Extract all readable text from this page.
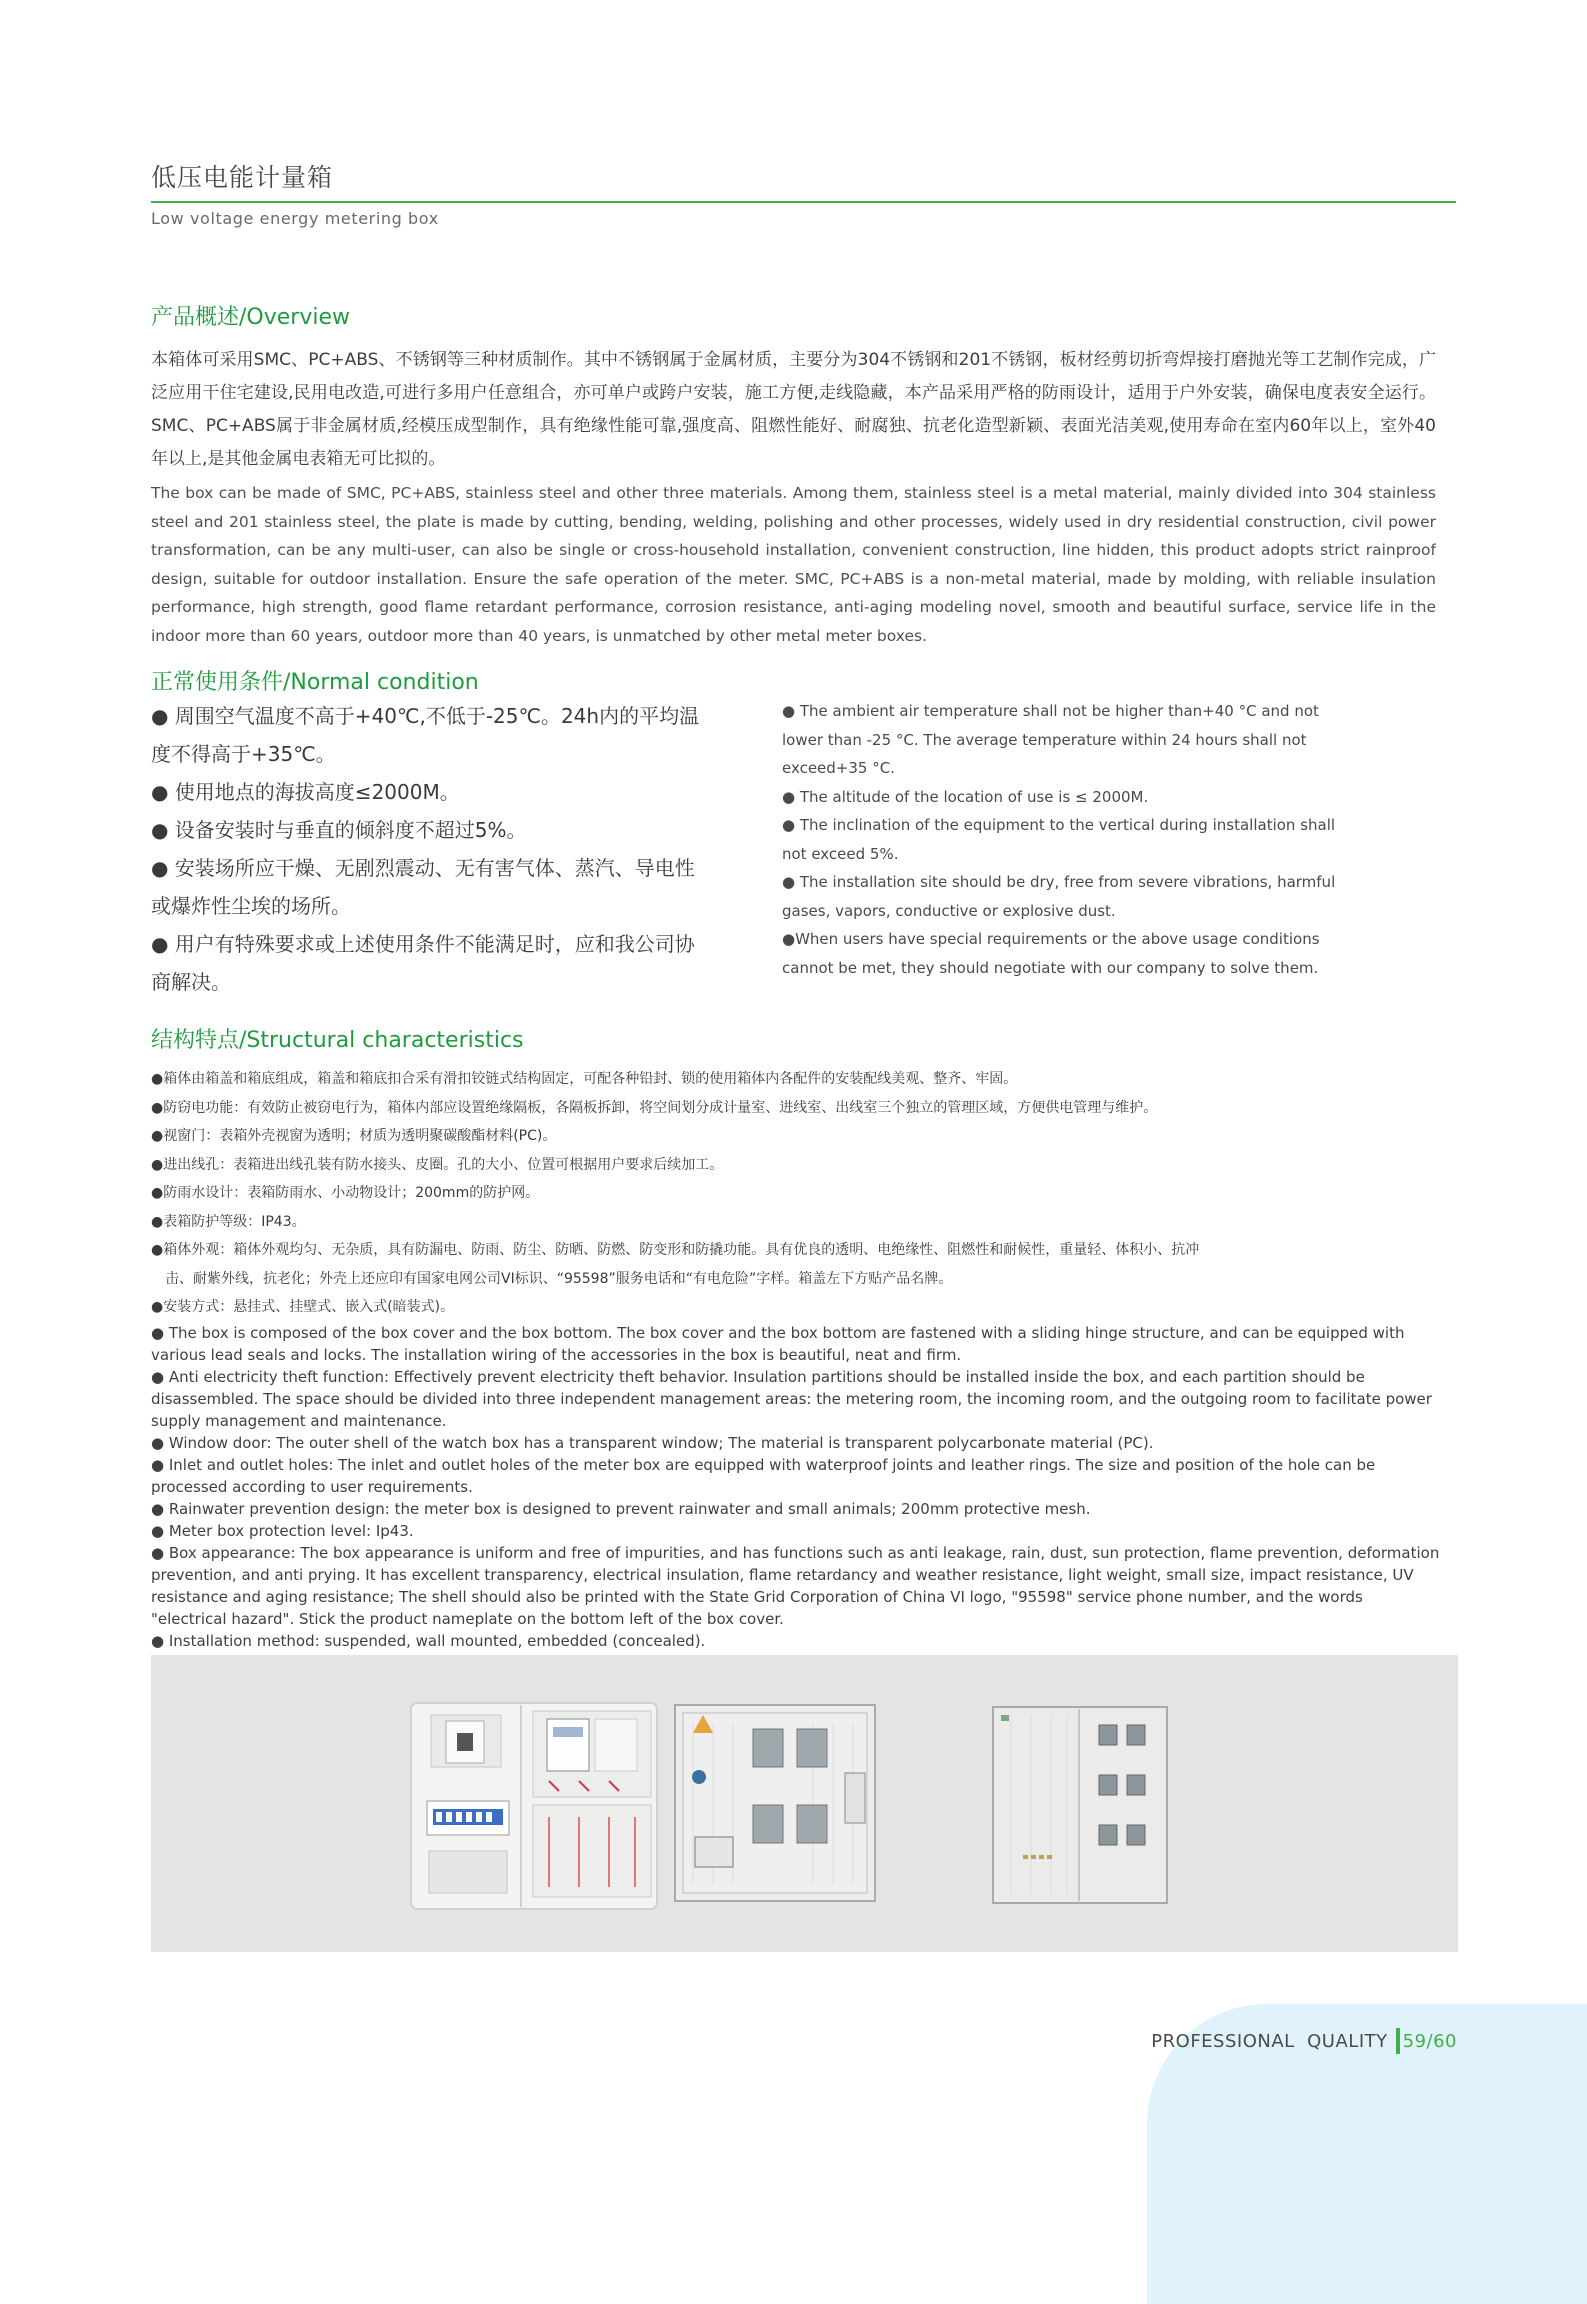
低压电能计量箱
Low voltage energy metering box
产品概述/Overview
本箱体可采用SMC、PC+ABS、不锈钢等三种材质制作。其中不锈钢属于金属材质，主要分为304不锈钢和201不锈钢，板材经剪切折弯焊接打磨抛光等工艺制作完成，广泛应用干住宅建设,民用电改造,可进行多用户任意组合，亦可单户或跨户安装，施工方便,走线隐藏，本产品采用严格的防雨设计，适用于户外安装，确保电度表安全运行。SMC、PC+ABS属于非金属材质,经模压成型制作，具有绝缘性能可靠,强度高、阻燃性能好、耐腐独、抗老化造型新颖、表面光洁美观,使用寿命在室内60年以上，室外40年以上,是其他金属电表箱无可比拟的。
The box can be made of SMC, PC+ABS, stainless steel and other three materials. Among them, stainless steel is a metal material, mainly divided into 304 stainless steel and 201 stainless steel, the plate is made by cutting, bending, welding, polishing and other processes, widely used in dry residential construction, civil power transformation, can be any multi-user, can also be single or cross-household installation, convenient construction, line hidden, this product adopts strict rainproof design, suitable for outdoor installation. Ensure the safe operation of the meter. SMC, PC+ABS is a non-metal material, made by molding, with reliable insulation performance, high strength, good flame retardant performance, corrosion resistance, anti-aging modeling novel, smooth and beautiful surface, service life in the indoor more than 60 years, outdoor more than 40 years, is unmatched by other metal meter boxes.
正常使用条件/Normal condition

● 周围空气温度不高于+40℃,不低于-25℃。24h内的平均温度不得高于+35℃。

● 使用地点的海拔高度≤2000M。

● 设备安装时与垂直的倾斜度不超过5%。

● 安装场所应干燥、无剧烈震动、无有害气体、蒸汽、导电性或爆炸性尘埃的场所。

● 用户有特殊要求或上述使用条件不能满足时，应和我公司协商解决。

● The ambient air temperature shall not be higher than+40 °C and not lower than -25 °C. The average temperature within 24 hours shall not exceed+35 °C.

● The altitude of the location of use is ≤ 2000M.

● The inclination of the equipment to the vertical during installation shall not exceed 5%.

● The installation site should be dry, free from severe vibrations, harmful gases, vapors, conductive or explosive dust.

●When users have special requirements or the above usage conditions cannot be met, they should negotiate with our company to solve them.

结构特点/Structural characteristics

●箱体由箱盖和箱底组成，箱盖和箱底扣合采有滑扣铰链式结构固定，可配各种铅封、锁的使用箱体内各配件的安装配线美观、整齐、牢固。

●防窃电功能：有效防止被窃电行为，箱体内部应设置绝缘隔板，各隔板拆卸，将空间划分成计量室、进线室、出线室三个独立的管理区域，方便供电管理与维护。

●视窗门：表箱外壳视窗为透明；材质为透明聚碳酸酯材料(PC)。

●进出线孔：表箱进出线孔装有防水接头、皮圈。孔的大小、位置可根据用户要求后续加工。

●防雨水设计：表箱防雨水、小动物设计；200mm的防护网。

●表箱防护等级：IP43。

●箱体外观：箱体外观均匀、无杂质，具有防漏电、防雨、防尘、防晒、防燃、防变形和防撬功能。具有优良的透明、电绝缘性、阻燃性和耐候性，重量轻、体积小、抗冲

　击、耐紫外线，抗老化；外壳上还应印有国家电网公司VI标识、“95598”服务电话和“有电危险”字样。箱盖左下方贴产品名牌。

●安装方式：悬挂式、挂壁式、嵌入式(暗装式)。

● The box is composed of the box cover and the box bottom. The box cover and the box bottom are fastened with a sliding hinge structure, and can be equipped with various lead seals and locks. The installation wiring of the accessories in the box is beautiful, neat and firm.

● Anti electricity theft function: Effectively prevent electricity theft behavior. Insulation partitions should be installed inside the box, and each partition should be disassembled. The space should be divided into three independent management areas: the metering room, the incoming room, and the outgoing room to facilitate power supply management and maintenance.

● Window door: The outer shell of the watch box has a transparent window; The material is transparent polycarbonate material (PC).

● Inlet and outlet holes: The inlet and outlet holes of the meter box are equipped with waterproof joints and leather rings. The size and position of the hole can be processed according to user requirements.

● Rainwater prevention design: the meter box is designed to prevent rainwater and small animals; 200mm protective mesh.

● Meter box protection level: Ip43.

● Box appearance: The box appearance is uniform and free of impurities, and has functions such as anti leakage, rain, dust, sun protection, flame prevention, deformation prevention, and anti prying. It has excellent transparency, electrical insulation, flame retardancy and weather resistance, light weight, small size, impact resistance, UV resistance and aging resistance; The shell should also be printed with the State Grid Corporation of China VI logo, "95598" service phone number, and the words "electrical hazard". Stick the product nameplate on the bottom left of the box cover.

● Installation method: suspended, wall mounted, embedded (concealed).

PROFESSIONAL  QUALITY 59/60
